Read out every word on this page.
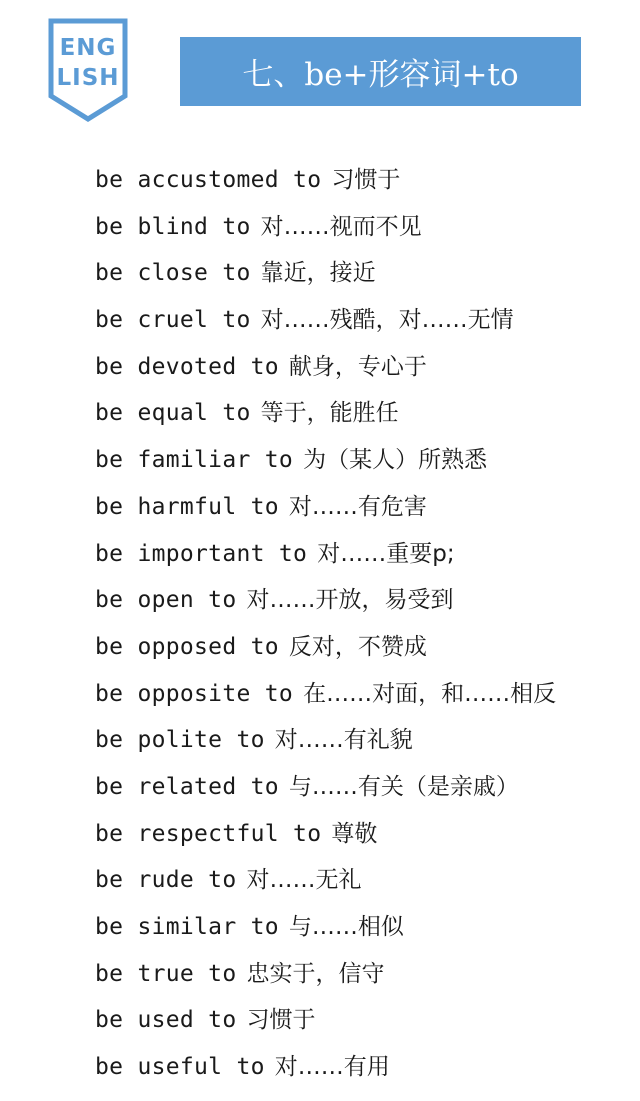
ENG
LISH	七、be+形容词+to
be accustomed to 习惯于
be blind to 对……视而不见
be close to 靠近，接近
be cruel to 对……残酷，对……无情
be devoted to 献身，专心于
be equal to 等于，能胜任
be familiar to 为（某人）所熟悉
be harmful to 对……有危害
be important to 对……重要p;
be open to 对……开放，易受到
be opposed to 反对，不赞成
be opposite to 在……对面，和……相反
be polite to 对……有礼貌
be related to 与……有关（是亲戚）
be respectful to 尊敬
be rude to 对……无礼
be similar to 与……相似
be true to 忠实于，信守
be used to 习惯于
be useful to 对……有用
